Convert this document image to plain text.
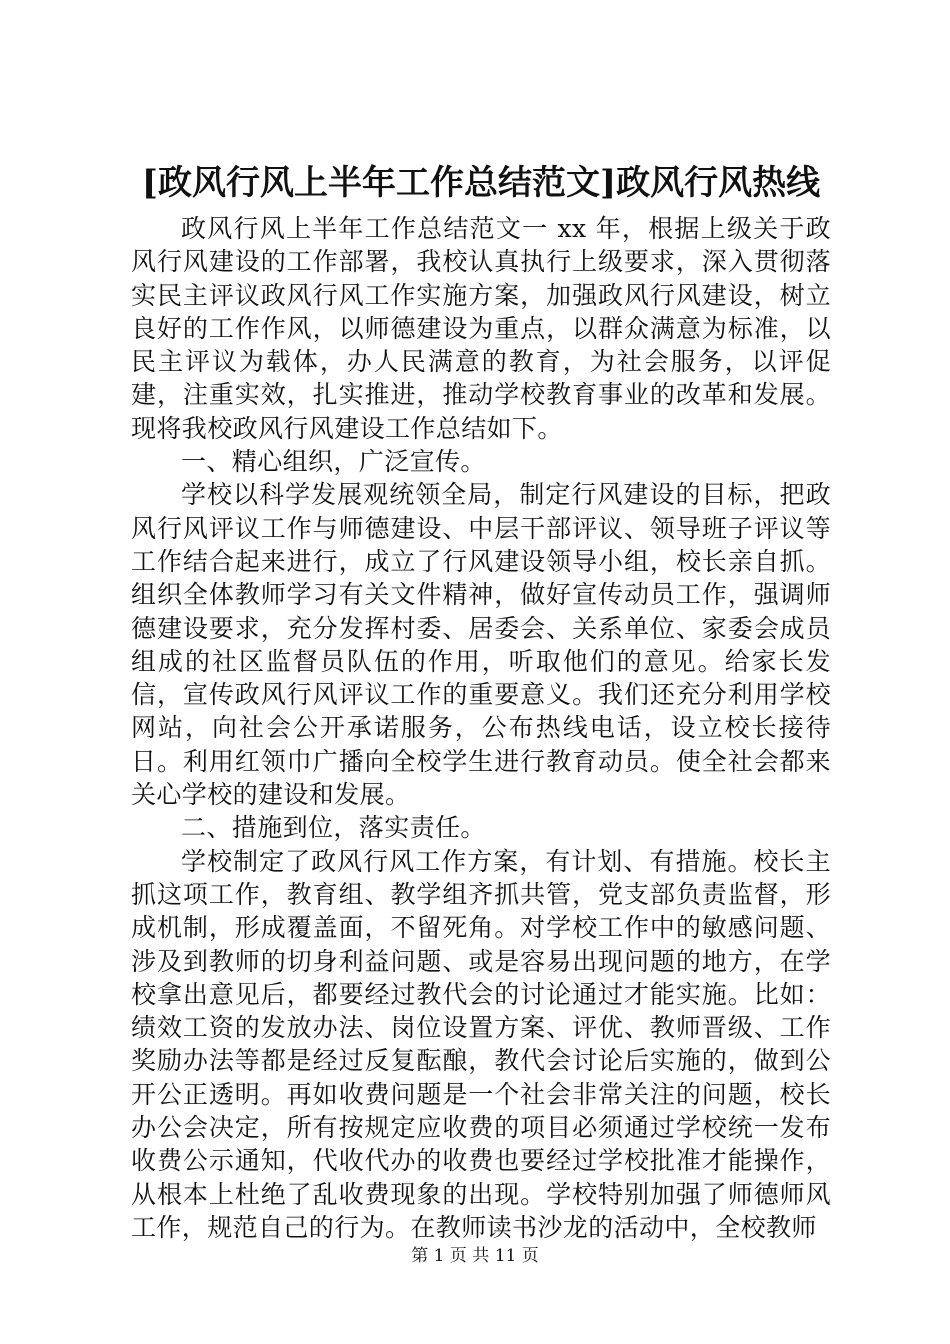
[政风行风上半年工作总结范文]政风行风热线

政风行风上半年工作总结范文一 xx 年，根据上级关于政风行风建设的工作部署，我校认真执行上级要求，深入贯彻落实民主评议政风行风工作实施方案，加强政风行风建设，树立良好的工作作风，以师德建设为重点，以群众满意为标准，以民主评议为载体，办人民满意的教育，为社会服务，以评促建，注重实效，扎实推进，推动学校教育事业的改革和发展。现将我校政风行风建设工作总结如下。

一、精心组织，广泛宣传。

学校以科学发展观统领全局，制定行风建设的目标，把政风行风评议工作与师德建设、中层干部评议、领导班子评议等工作结合起来进行，成立了行风建设领导小组，校长亲自抓。组织全体教师学习有关文件精神，做好宣传动员工作，强调师德建设要求，充分发挥村委、居委会、关系单位、家委会成员组成的社区监督员队伍的作用，听取他们的意见。给家长发信，宣传政风行风评议工作的重要意义。我们还充分利用学校网站，向社会公开承诺服务，公布热线电话，设立校长接待日。利用红领巾广播向全校学生进行教育动员。使全社会都来关心学校的建设和发展。

二、措施到位，落实责任。

学校制定了政风行风工作方案，有计划、有措施。校长主抓这项工作，教育组、教学组齐抓共管，党支部负责监督，形成机制，形成覆盖面，不留死角。对学校工作中的敏感问题、涉及到教师的切身利益问题、或是容易出现问题的地方，在学校拿出意见后，都要经过教代会的讨论通过才能实施。比如：绩效工资的发放办法、岗位设置方案、评优、教师晋级、工作奖励办法等都是经过反复酝酿，教代会讨论后实施的，做到公开公正透明。再如收费问题是一个社会非常关注的问题，校长办公会决定，所有按规定应收费的项目必须通过学校统一发布收费公示通知，代收代办的收费也要经过学校批准才能操作，从根本上杜绝了乱收费现象的出现。学校特别加强了师德师风工作，规范自己的行为。在教师读书沙龙的活动中，全校教师

第 1 页 共 11 页
